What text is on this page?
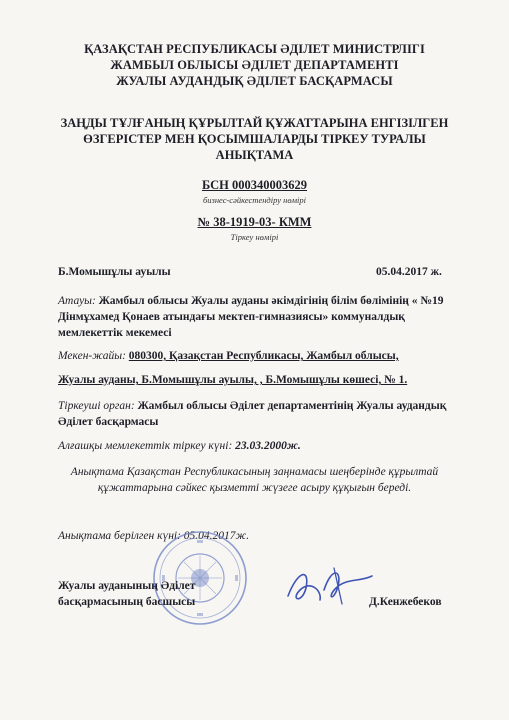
ҚАЗАҚСТАН РЕСПУБЛИКАСЫ ӘДІЛЕТ МИНИСТРЛІГІ
ЖАМБЫЛ ОБЛЫСЫ ӘДІЛЕТ ДЕПАРТАМЕНТІ
ЖУАЛЫ АУДАНДЫҚ ӘДІЛЕТ БАСҚАРМАСЫ
ЗАҢДЫ ТҰЛҒАНЫҢ ҚҰРЫЛТАЙ ҚҰЖАТТАРЫНА ЕНГІЗІЛГЕН
ӨЗГЕРІСТЕР МЕН ҚОСЫМШАЛАРДЫ ТІРКЕУ ТУРАЛЫ
АНЫҚТАМА
БСН 000340003629
бизнес-сәйкестендіру нөмірі
№ 38-1919-03- КММ
Тіркеу нөмірі
Б.Момышұлы ауылы	05.04.2017 ж.
Атауы: Жамбыл облысы Жуалы ауданы әкімдігінің білім бөлімінің « №19
Дінмұхамед Қонаев атындағы мектеп-гимназиясы» коммуналдық
мемлекеттік мекемесі
Мекен-жайы: 080300, Қазақстан Республикасы, Жамбыл облысы,
Жуалы ауданы, Б.Момышұлы ауылы, , Б.Момышұлы көшесі, № 1.
Тіркеуші орган: Жамбыл облысы Әділет департаментінің Жуалы аудандық
Әділет басқармасы
Алғашқы мемлекеттік тіркеу күні: 23.03.2000ж.
Анықтама Қазақстан Республикасының заңнамасы шеңберінде құрылтай
құжаттарына сәйкес қызметті жүзеге асыру құқығын береді.
Анықтама берілген күні: 05.04.2017ж.
Жуалы ауданының Әділет
басқармасының басшысы	Д.Кенжебеков
